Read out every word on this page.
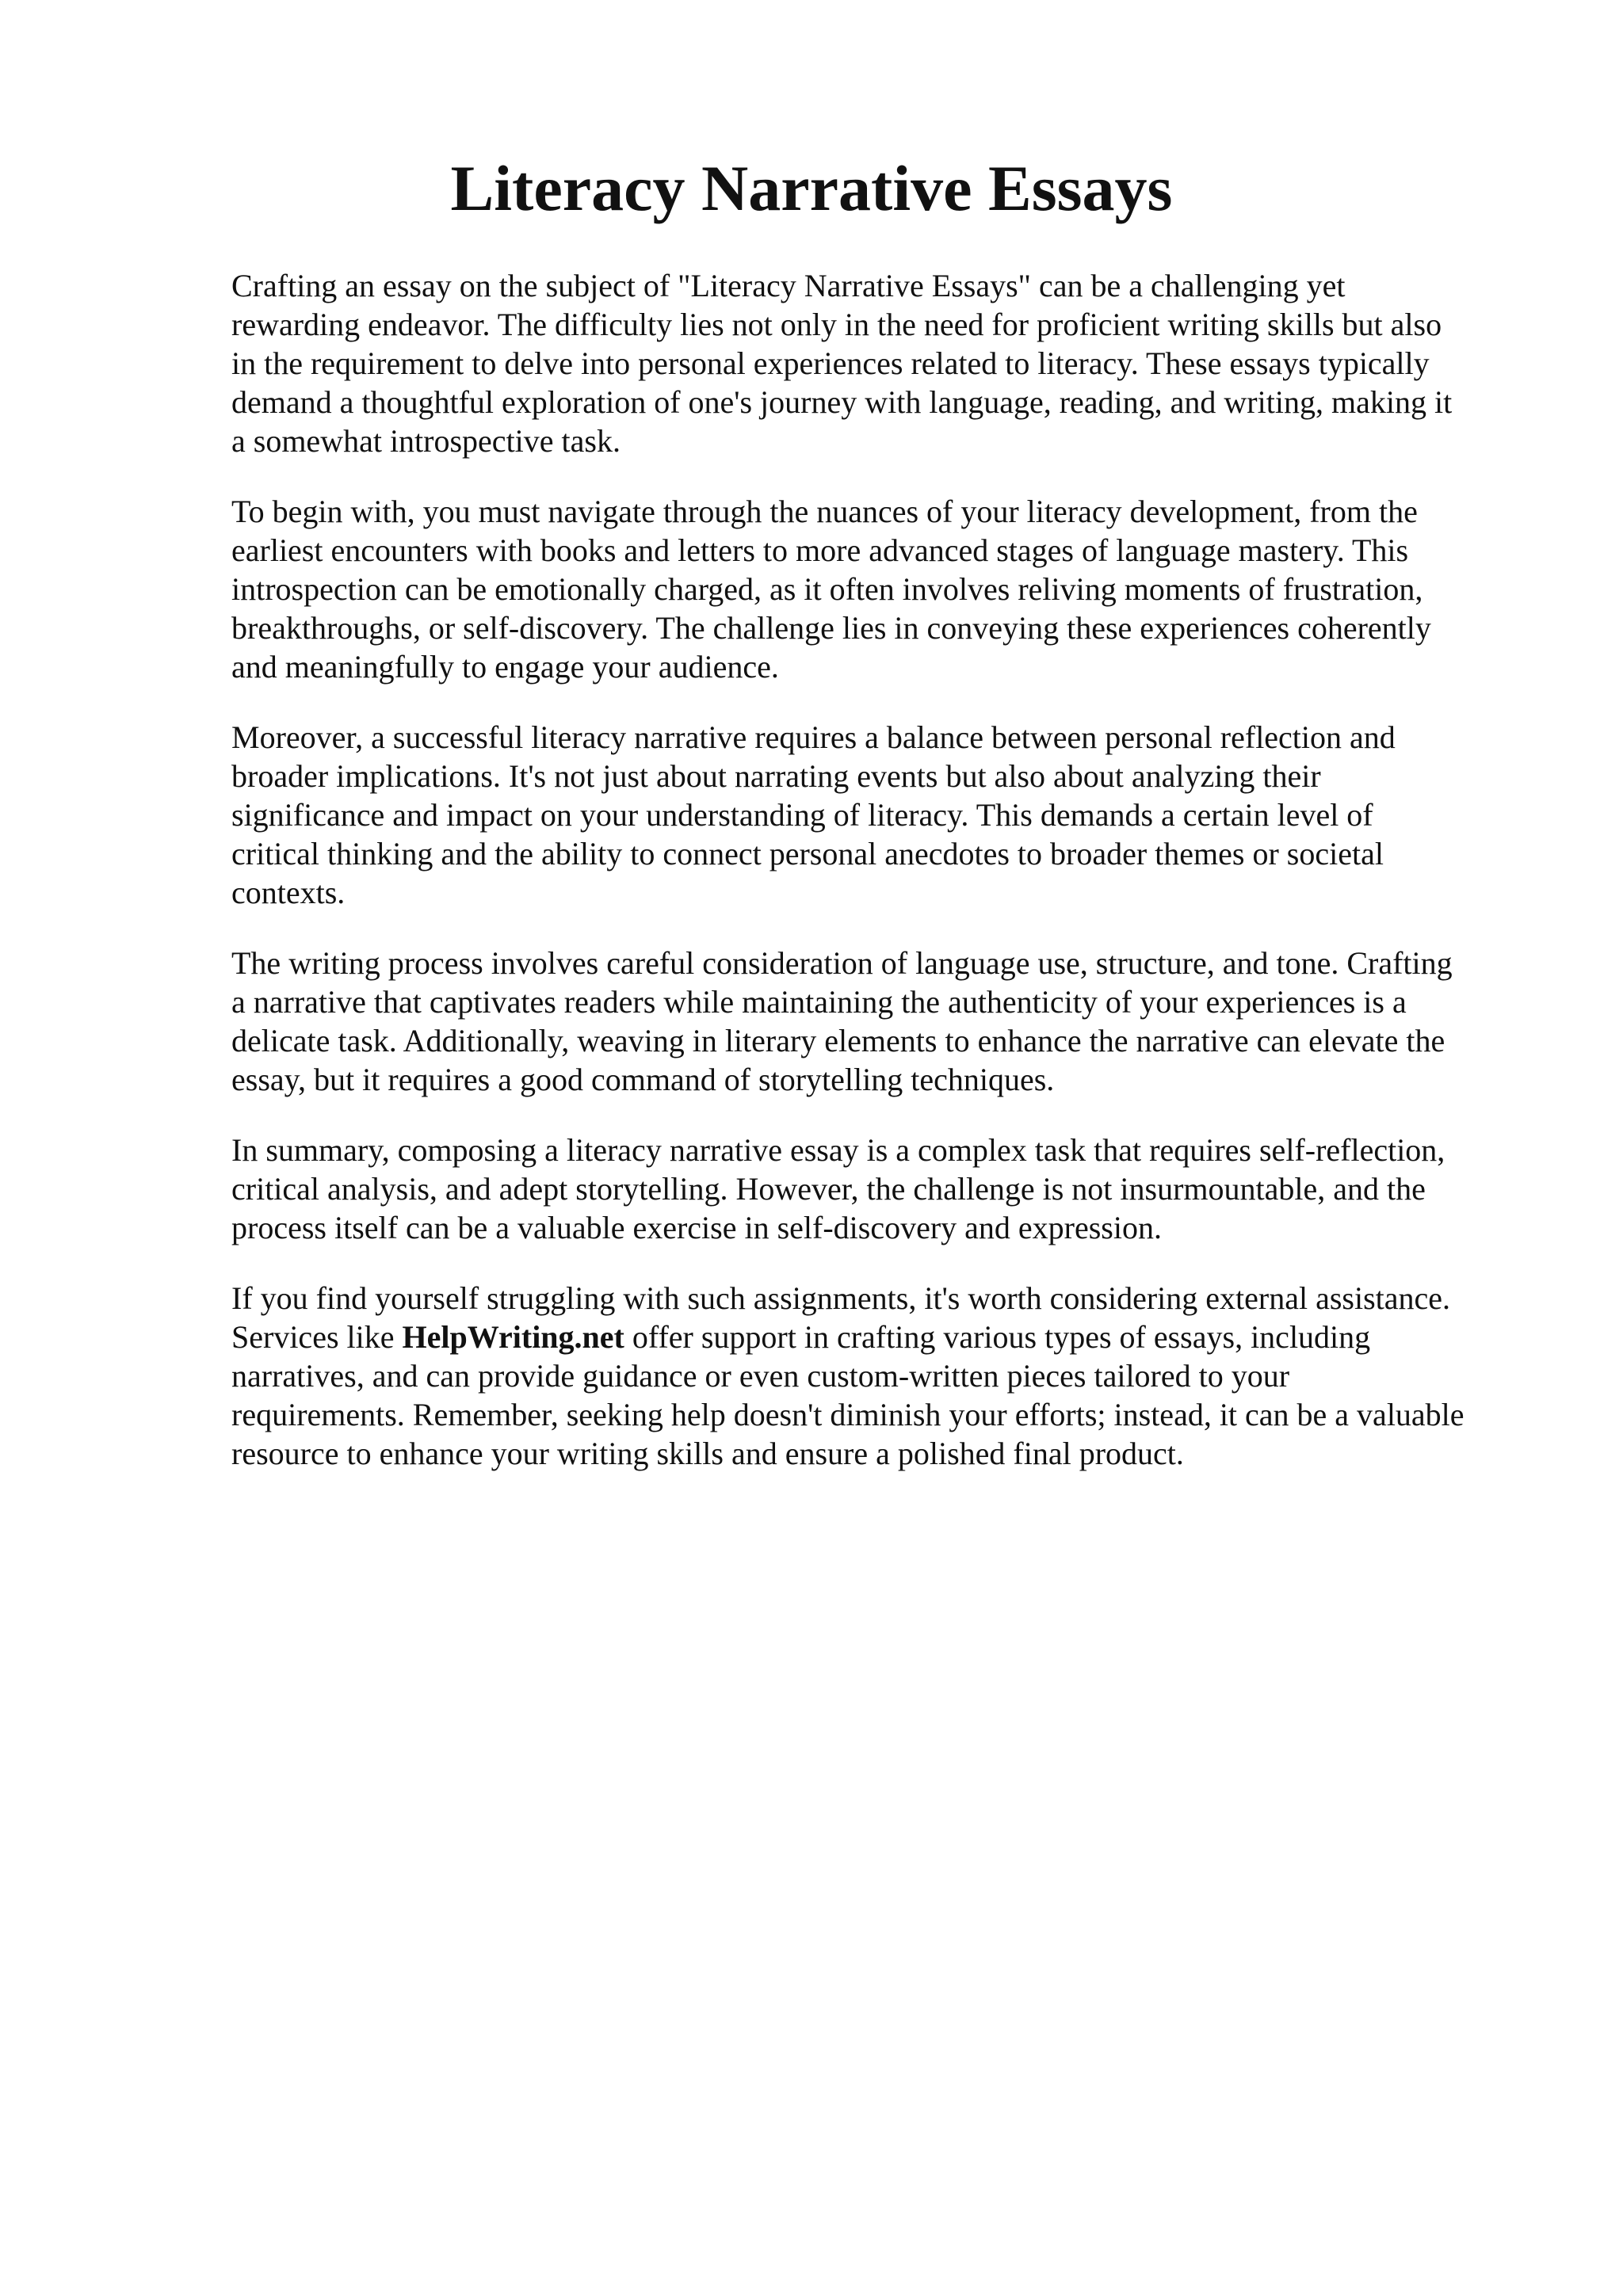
Literacy Narrative Essays

Crafting an essay on the subject of "Literacy Narrative Essays" can be a challenging yet
rewarding endeavor. The difficulty lies not only in the need for proficient writing skills but also
in the requirement to delve into personal experiences related to literacy. These essays typically
demand a thoughtful exploration of one's journey with language, reading, and writing, making it
a somewhat introspective task.

To begin with, you must navigate through the nuances of your literacy development, from the
earliest encounters with books and letters to more advanced stages of language mastery. This
introspection can be emotionally charged, as it often involves reliving moments of frustration,
breakthroughs, or self-discovery. The challenge lies in conveying these experiences coherently
and meaningfully to engage your audience.

Moreover, a successful literacy narrative requires a balance between personal reflection and
broader implications. It's not just about narrating events but also about analyzing their
significance and impact on your understanding of literacy. This demands a certain level of
critical thinking and the ability to connect personal anecdotes to broader themes or societal
contexts.

The writing process involves careful consideration of language use, structure, and tone. Crafting
a narrative that captivates readers while maintaining the authenticity of your experiences is a
delicate task. Additionally, weaving in literary elements to enhance the narrative can elevate the
essay, but it requires a good command of storytelling techniques.

In summary, composing a literacy narrative essay is a complex task that requires self-reflection,
critical analysis, and adept storytelling. However, the challenge is not insurmountable, and the
process itself can be a valuable exercise in self-discovery and expression.

If you find yourself struggling with such assignments, it's worth considering external assistance.
Services like HelpWriting.net offer support in crafting various types of essays, including
narratives, and can provide guidance or even custom-written pieces tailored to your
requirements. Remember, seeking help doesn't diminish your efforts; instead, it can be a valuable
resource to enhance your writing skills and ensure a polished final product.
